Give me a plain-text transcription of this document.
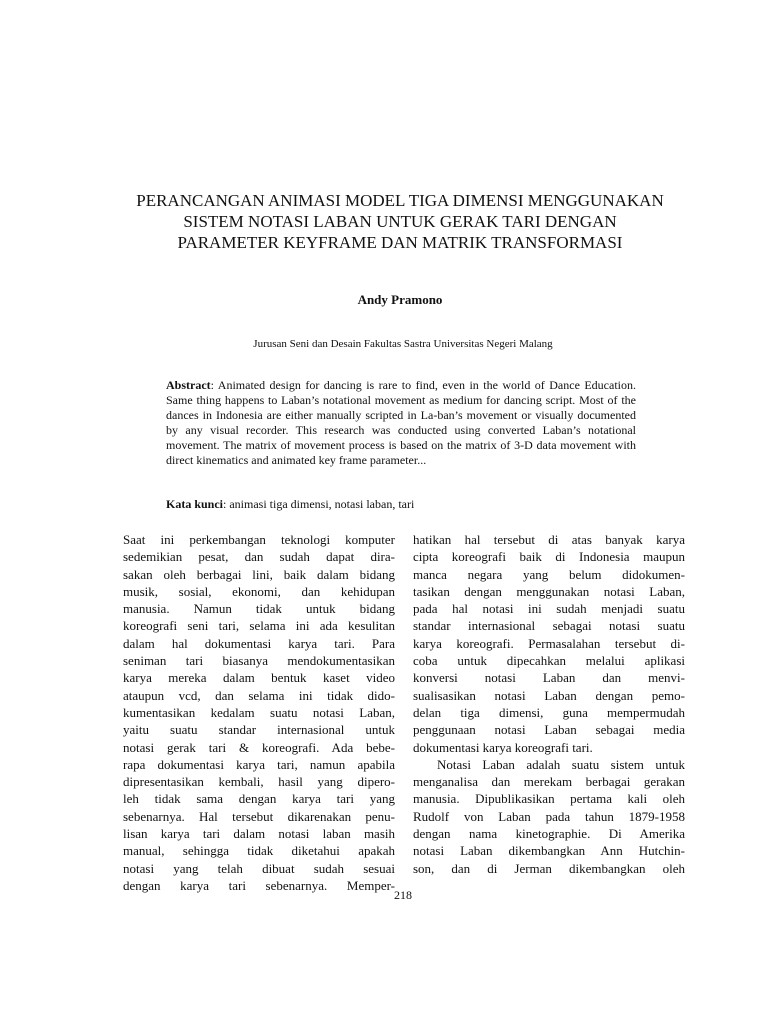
PERANCANGAN ANIMASI MODEL TIGA DIMENSI MENGGUNAKAN
SISTEM NOTASI LABAN UNTUK GERAK TARI DENGAN
PARAMETER KEYFRAME DAN MATRIK TRANSFORMASI
Andy Pramono
Jurusan Seni dan Desain Fakultas Sastra Universitas Negeri Malang
Abstract: Animated design for dancing is rare to find, even in the world of Dance Education. Same thing happens to Laban’s notational movement as medium for dancing script. Most of the dances in Indonesia are either manually scripted in La-ban’s movement or visually documented by any visual recorder. This research was conducted using converted Laban’s notational movement. The matrix of movement process is based on the matrix of 3-D data movement with direct kinematics and animated key frame parameter...
Kata kunci: animasi tiga dimensi, notasi laban, tari
Saat ini perkembangan teknologi komputer
sedemikian pesat, dan sudah dapat dira-
sakan oleh berbagai lini, baik dalam bidang
musik, sosial, ekonomi, dan kehidupan
manusia. Namun tidak untuk bidang
koreografi seni tari, selama ini ada kesulitan
dalam hal dokumentasi karya tari. Para
seniman tari biasanya mendokumentasikan
karya mereka dalam bentuk kaset video
ataupun vcd, dan selama ini tidak dido-
kumentasikan kedalam suatu notasi Laban,
yaitu suatu standar internasional untuk
notasi gerak tari & koreografi. Ada bebe-
rapa dokumentasi karya tari, namun apabila
dipresentasikan kembali, hasil yang dipero-
leh tidak sama dengan karya tari yang
sebenarnya. Hal tersebut dikarenakan penu-
lisan karya tari dalam notasi laban masih
manual, sehingga tidak diketahui apakah
notasi yang telah dibuat sudah sesuai
dengan karya tari sebenarnya. Memper-
hatikan hal tersebut di atas banyak karya
cipta koreografi baik di Indonesia maupun
manca negara yang belum didokumen-
tasikan dengan menggunakan notasi Laban,
pada hal notasi ini sudah menjadi suatu
standar internasional sebagai notasi suatu
karya koreografi. Permasalahan tersebut di-
coba untuk dipecahkan melalui aplikasi
konversi notasi Laban dan menvi-
sualisasikan notasi Laban dengan pemo-
delan tiga dimensi, guna mempermudah
penggunaan notasi Laban sebagai media
dokumentasi karya koreografi tari.
Notasi Laban adalah suatu sistem untuk
menganalisa dan merekam berbagai gerakan
manusia. Dipublikasikan pertama kali oleh
Rudolf von Laban pada tahun 1879-1958
dengan nama kinetographie. Di Amerika
notasi Laban dikembangkan Ann Hutchin-
son, dan di Jerman dikembangkan oleh
218
